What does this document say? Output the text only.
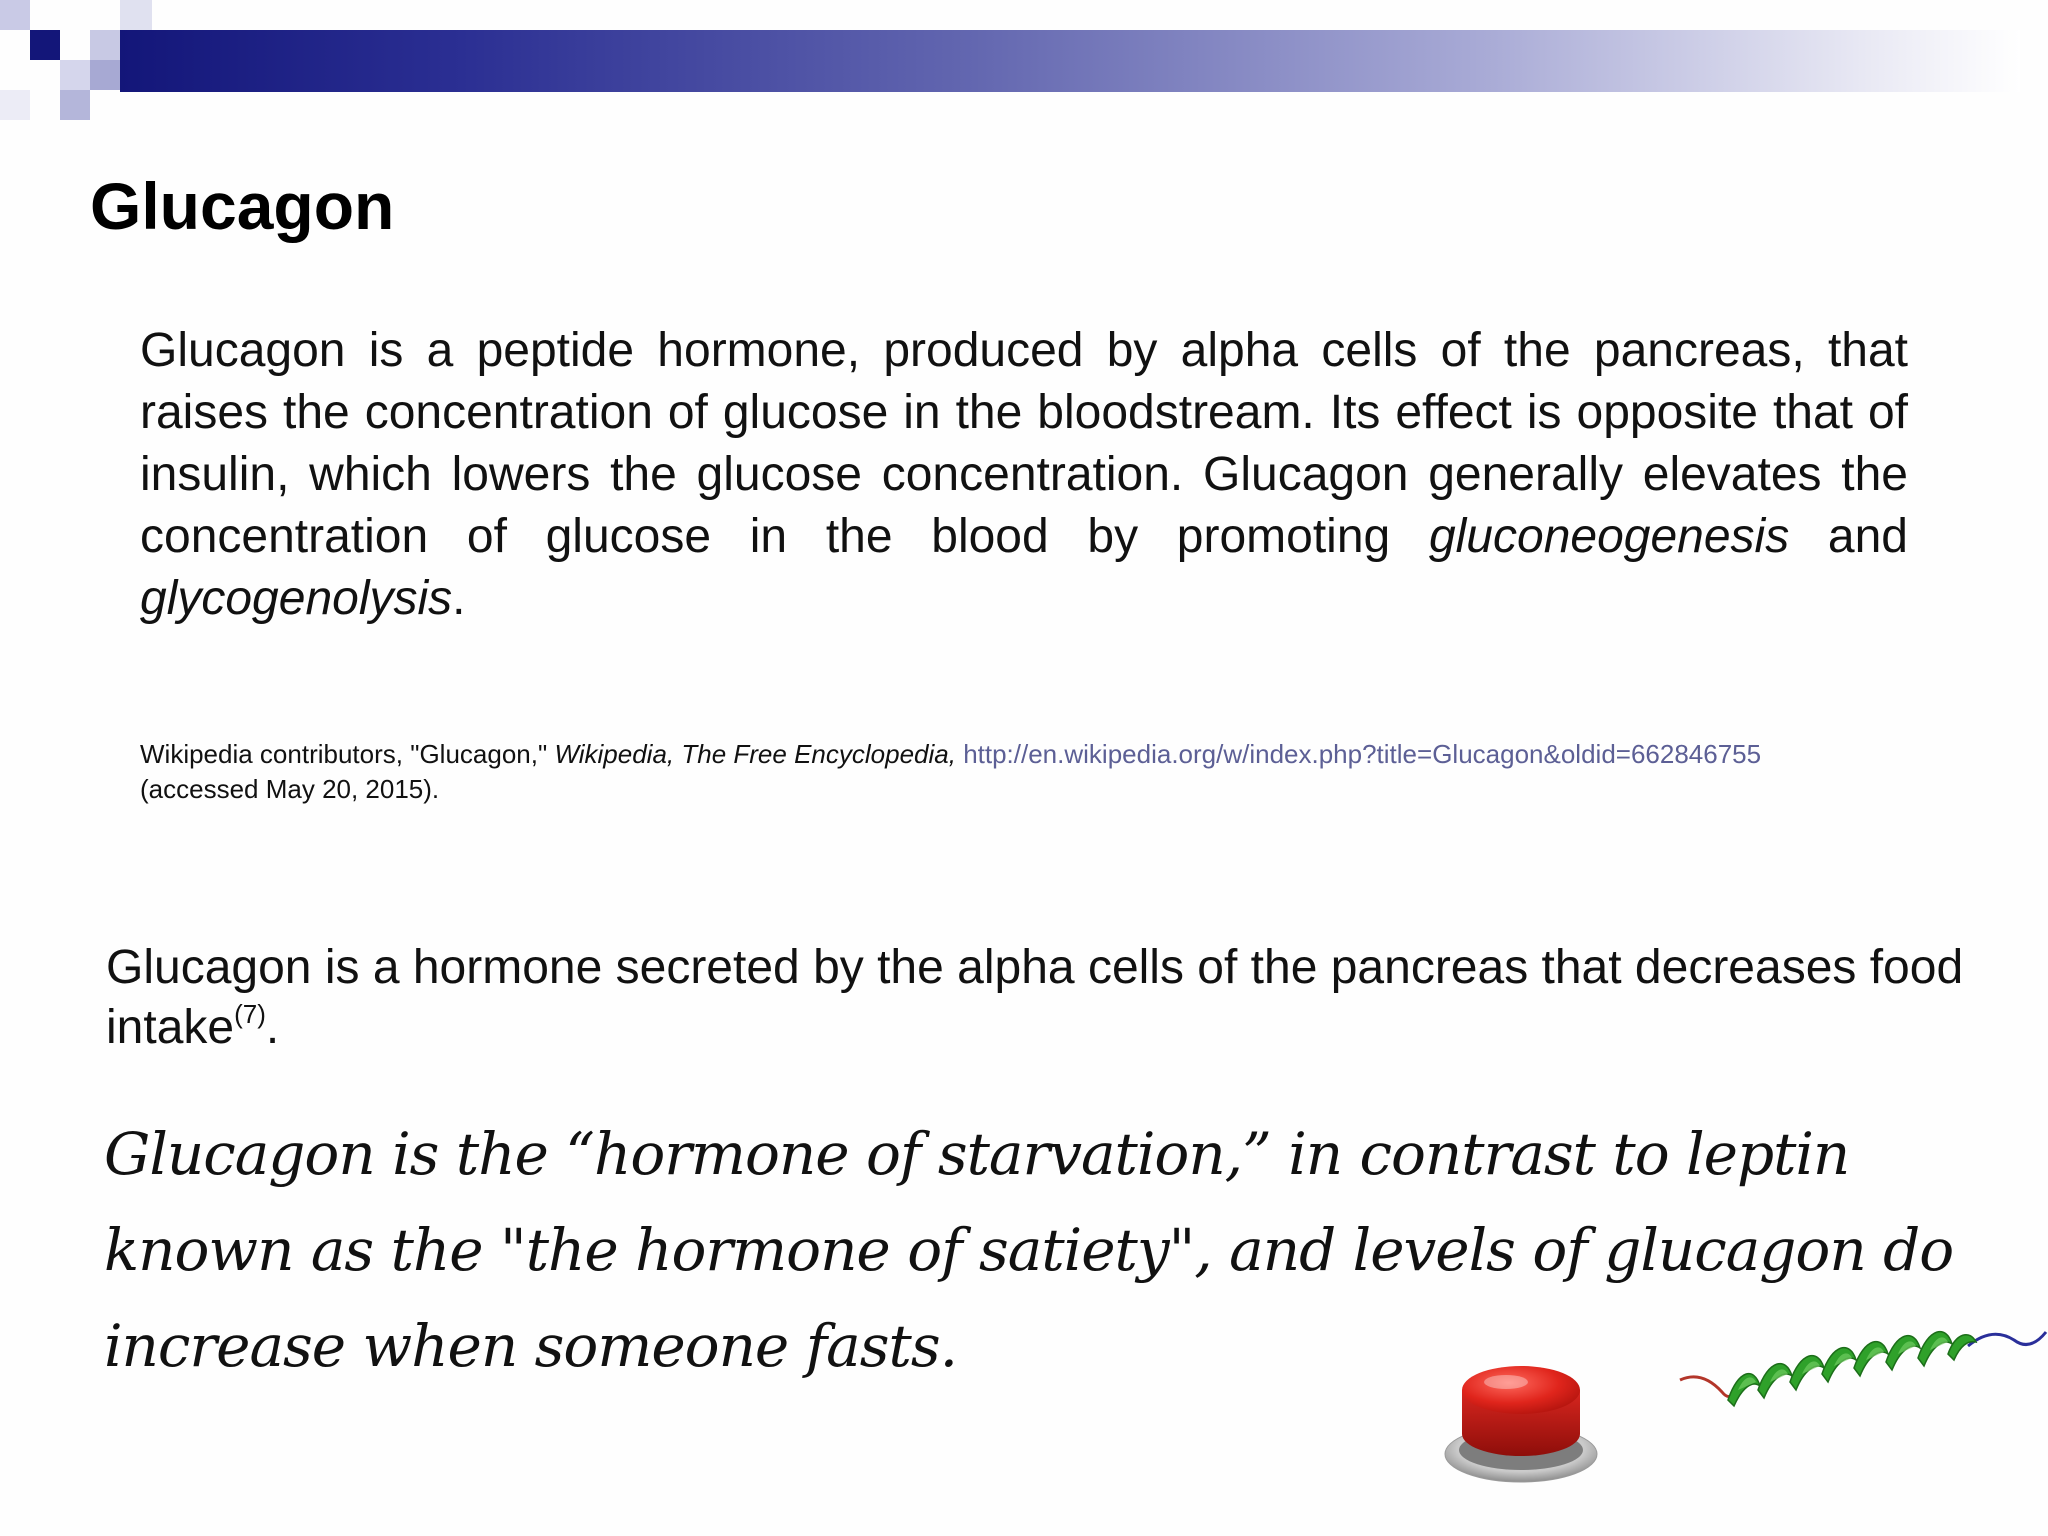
Glucagon

Glucagon is a peptide hormone, produced by alpha cells of the pancreas, that raises the concentration of glucose in the bloodstream. Its effect is opposite that of insulin, which lowers the glucose concentration. Glucagon generally elevates the concentration of glucose in the blood by promoting gluconeogenesis and glycogenolysis.

Wikipedia contributors, "Glucagon," Wikipedia, The Free Encyclopedia, http://en.wikipedia.org/w/index.php?title=Glucagon&oldid=662846755
(accessed May 20, 2015).

Glucagon is a hormone secreted by the alpha cells of the pancreas that decreases food intake$^{(7)}$.

Glucagon is the “hormone of starvation,” in contrast to leptin known as the "the hormone of satiety", and levels of glucagon do increase when someone fasts.
